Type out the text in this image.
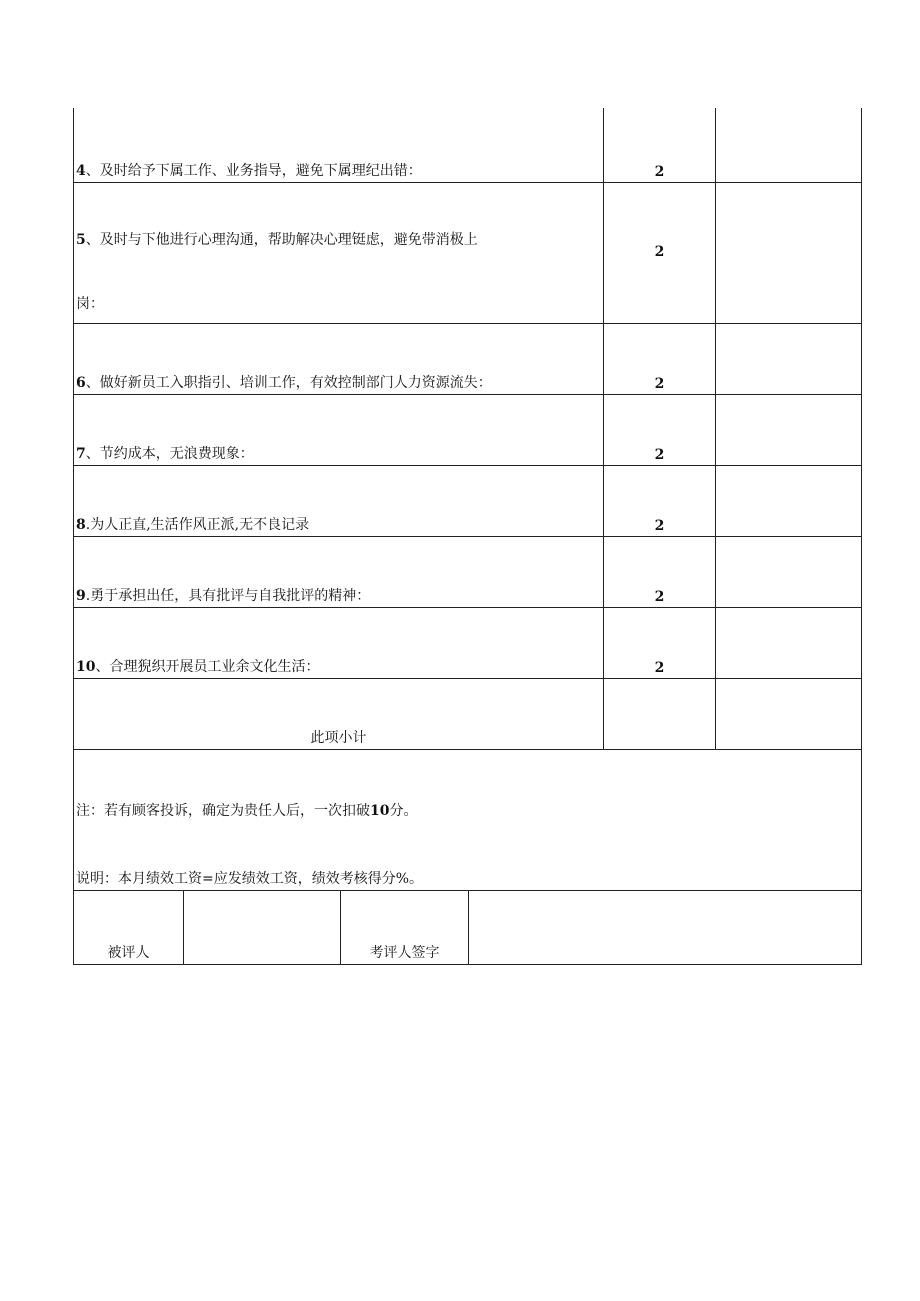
4、及时给予下属工作、业务指导，避免下属理纪出错：	2	

5、及时与下他进行心理沟通，帮助解决心理铤虑，避免带消极上
岗：	2	
6、做好新员工入职指引、培训工作，有效控制部门人力资源流失：	2	
7、节约成本，无浪费现象：	2	
8.为人正直,生活作风正派,无不良记录	2	
9.勇于承担出任，具有批评与自我批评的精神：	2	
10、合理猊织开展员工业余文化生活：	2	
此项小计		

注：若有顾客投诉，确定为贵任人后，一次扣破10分。
说明：本月绩效工资=应发绩效工资，绩效考核得分%。		
被评人		考评人签字	
